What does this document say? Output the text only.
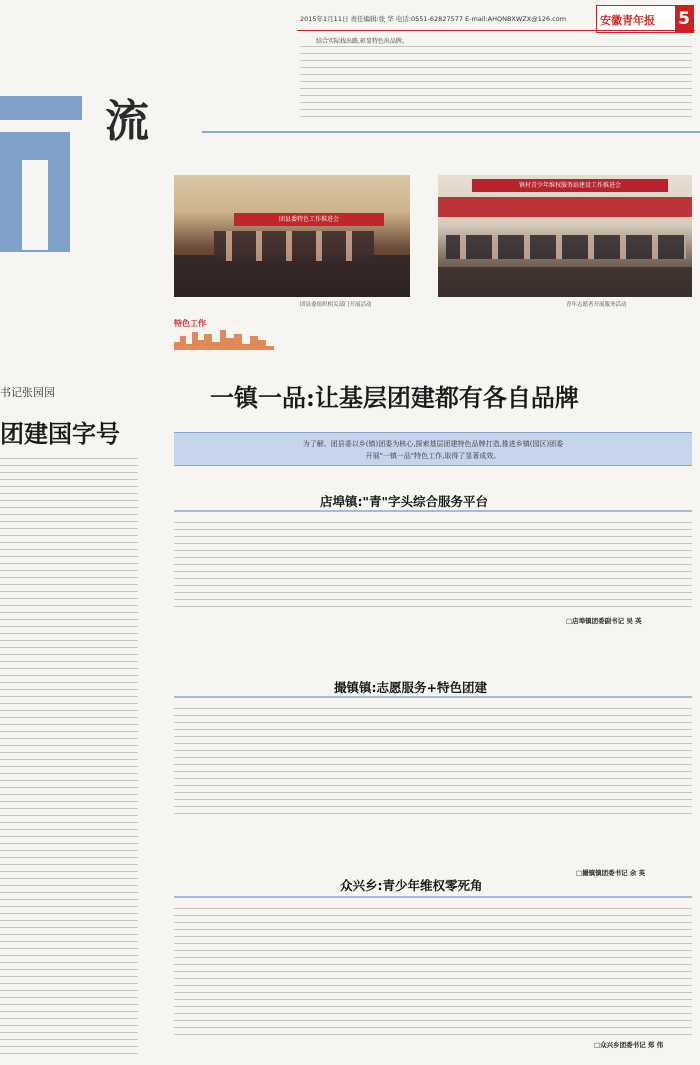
2015年1月11日 责任编辑:张 华 电话:0551-62827577 E-mail:AHQNBXWZX@126.com	安徽青年报 5
流
书记张园园
团建国字号
结合实际找出路,彰显特色出品牌。
团县委特色工作推进会
镇村青少年维权服务站建设工作推进会
团县委组织相关部门开展活动	青年志愿者开展服务活动
特色工作
一镇一品:让基层团建都有各自品牌
为了解、团县委以乡(镇)团委为核心,探索基层团建特色品牌打造,推进乡镇(园区)团委
开展"一镇一品"特色工作,取得了显著成效。
店埠镇:"青"字头综合服务平台
□店埠镇团委副书记 吴 英
撮镇镇:志愿服务+特色团建
□撮镇镇团委书记 余 英
众兴乡:青少年维权零死角
□众兴乡团委书记 郑 伟
